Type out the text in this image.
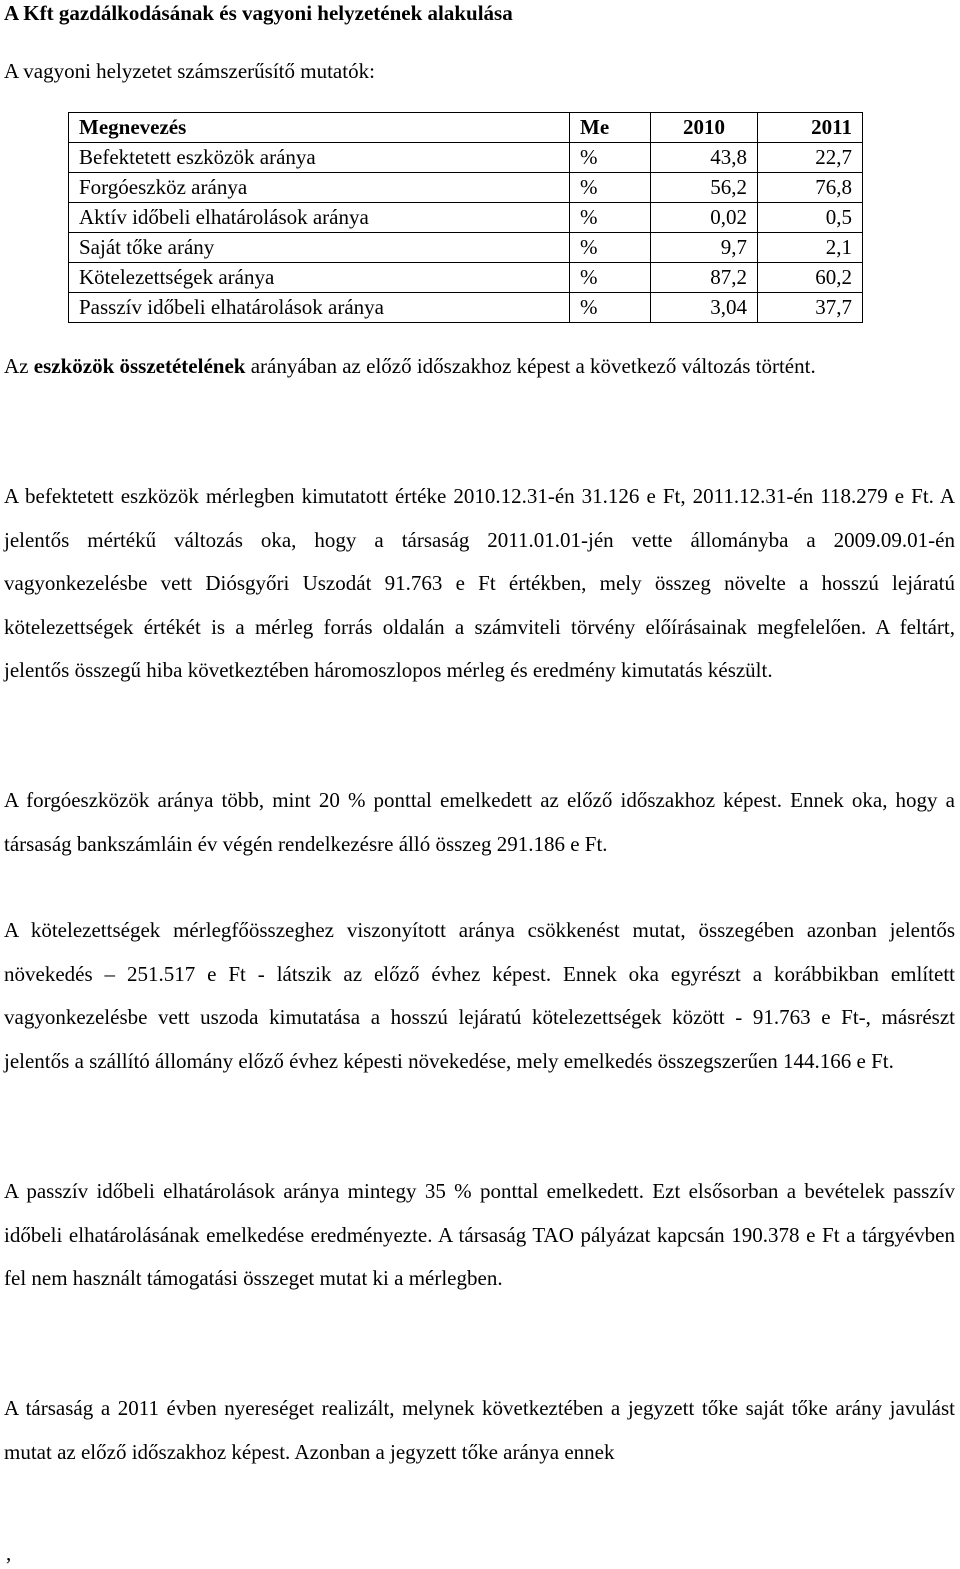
A Kft gazdálkodásának és vagyoni helyzetének alakulása
A vagyoni helyzetet számszerűsítő mutatók:
Megnevezés	Me	2010	2011
Befektetett eszközök aránya	%	43,8	22,7
Forgóeszköz aránya	%	56,2	76,8
Aktív időbeli elhatárolások aránya	%	0,02	0,5
Saját tőke arány	%	9,7	2,1
Kötelezettségek aránya	%	87,2	60,2
Passzív időbeli elhatárolások aránya	%	3,04	37,7
Az eszközök összetételének arányában az előző időszakhoz képest a következő változás történt.
A befektetett eszközök mérlegben kimutatott értéke 2010.12.31-én 31.126 e Ft, 2011.12.31-én 118.279 e Ft. A jelentős mértékű változás oka, hogy a társaság 2011.01.01-jén vette állományba a 2009.09.01-én vagyonkezelésbe vett Diósgyőri Uszodát 91.763 e Ft értékben, mely összeg növelte a hosszú lejáratú kötelezettségek értékét is a mérleg forrás oldalán a számviteli törvény előírásainak megfelelően. A feltárt, jelentős összegű hiba következtében háromoszlopos mérleg és eredmény kimutatás készült.
A forgóeszközök aránya több, mint 20 % ponttal emelkedett az előző időszakhoz képest. Ennek oka, hogy a társaság bankszámláin év végén rendelkezésre álló összeg 291.186 e Ft.
A kötelezettségek mérlegfőösszeghez viszonyított aránya csökkenést mutat, összegében azonban jelentős növekedés – 251.517 e Ft - látszik az előző évhez képest. Ennek oka egyrészt a korábbikban említett vagyonkezelésbe vett uszoda kimutatása a hosszú lejáratú kötelezettségek között - 91.763 e Ft-, másrészt jelentős a szállító állomány előző évhez képesti növekedése, mely emelkedés összegszerűen 144.166 e Ft.
A passzív időbeli elhatárolások aránya mintegy 35 % ponttal emelkedett. Ezt elsősorban a bevételek passzív időbeli elhatárolásának emelkedése eredményezte. A társaság TAO pályázat kapcsán 190.378 e Ft a tárgyévben fel nem használt támogatási összeget mutat ki a mérlegben.
A társaság a 2011 évben nyereséget realizált, melynek következtében a jegyzett tőke saját tőke arány javulást mutat az előző időszakhoz képest. Azonban a jegyzett tőke aránya ennek
,
